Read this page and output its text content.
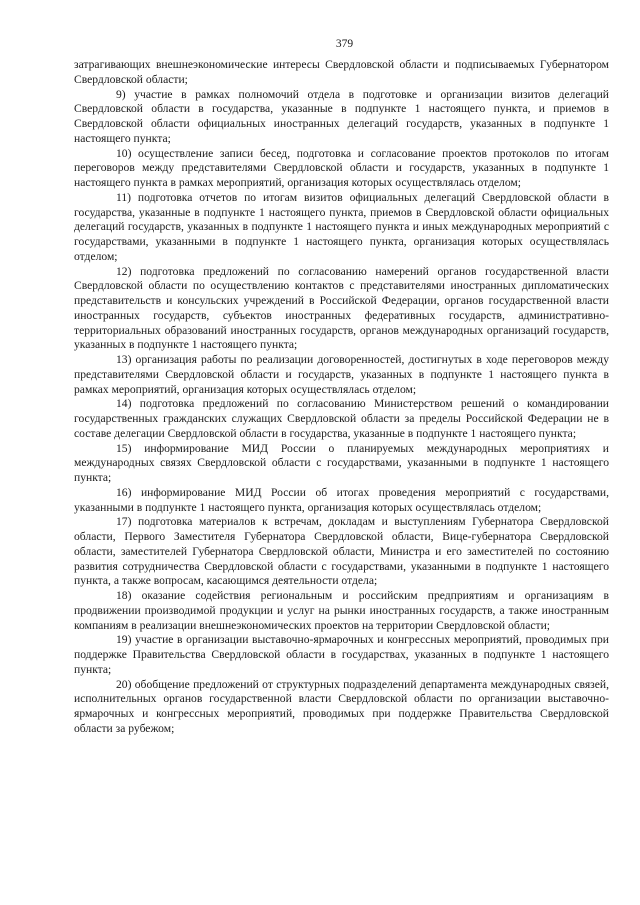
379

затрагивающих внешнеэкономические интересы Свердловской области и подписываемых Губернатором Свердловской области;

9) участие в рамках полномочий отдела в подготовке и организации визитов делегаций Свердловской области в государства, указанные в подпункте 1 настоящего пункта, и приемов в Свердловской области официальных иностранных делегаций государств, указанных в подпункте 1 настоящего пункта;

10) осуществление записи бесед, подготовка и согласование проектов протоколов по итогам переговоров между представителями Свердловской области и государств, указанных в подпункте 1 настоящего пункта в рамках мероприятий, организация которых осуществлялась отделом;

11) подготовка отчетов по итогам визитов официальных делегаций Свердловской области в государства, указанные в подпункте 1 настоящего пункта, приемов в Свердловской области официальных делегаций государств, указанных в подпункте 1 настоящего пункта и иных международных мероприятий с государствами, указанными в подпункте 1 настоящего пункта, организация которых осуществлялась отделом;

12) подготовка предложений по согласованию намерений органов государственной власти Свердловской области по осуществлению контактов с представителями иностранных дипломатических представительств и консульских учреждений в Российской Федерации, органов государственной власти иностранных государств, субъектов иностранных федеративных государств, административно-территориальных образований иностранных государств, органов международных организаций государств, указанных в подпункте 1 настоящего пункта;

13) организация работы по реализации договоренностей, достигнутых в ходе переговоров между представителями Свердловской области и государств, указанных в подпункте 1 настоящего пункта в рамках мероприятий, организация которых осуществлялась отделом;

14) подготовка предложений по согласованию Министерством решений о командировании государственных гражданских служащих Свердловской области за пределы Российской Федерации не в составе делегации Свердловской области в государства, указанные в подпункте 1 настоящего пункта;

15) информирование МИД России о планируемых международных мероприятиях и международных связях Свердловской области с государствами, указанными в подпункте 1 настоящего пункта;

16) информирование МИД России об итогах проведения мероприятий с государствами, указанными в подпункте 1 настоящего пункта, организация которых осуществлялась отделом;

17) подготовка материалов к встречам, докладам и выступлениям Губернатора Свердловской области, Первого Заместителя Губернатора Свердловской области, Вице-губернатора Свердловской области, заместителей Губернатора Свердловской области, Министра и его заместителей по состоянию развития сотрудничества Свердловской области с государствами, указанными в подпункте 1 настоящего пункта, а также вопросам, касающимся деятельности отдела;

18) оказание содействия региональным и российским предприятиям и организациям в продвижении производимой продукции и услуг на рынки иностранных государств, а также иностранным компаниям в реализации внешнеэкономических проектов на территории Свердловской области;

19) участие в организации выставочно-ярмарочных и конгрессных мероприятий, проводимых при поддержке Правительства Свердловской области в государствах, указанных в подпункте 1 настоящего пункта;

20) обобщение предложений от структурных подразделений департамента международных связей, исполнительных органов государственной власти Свердловской области по организации выставочно-ярмарочных и конгрессных мероприятий, проводимых при поддержке Правительства Свердловской области за рубежом;
